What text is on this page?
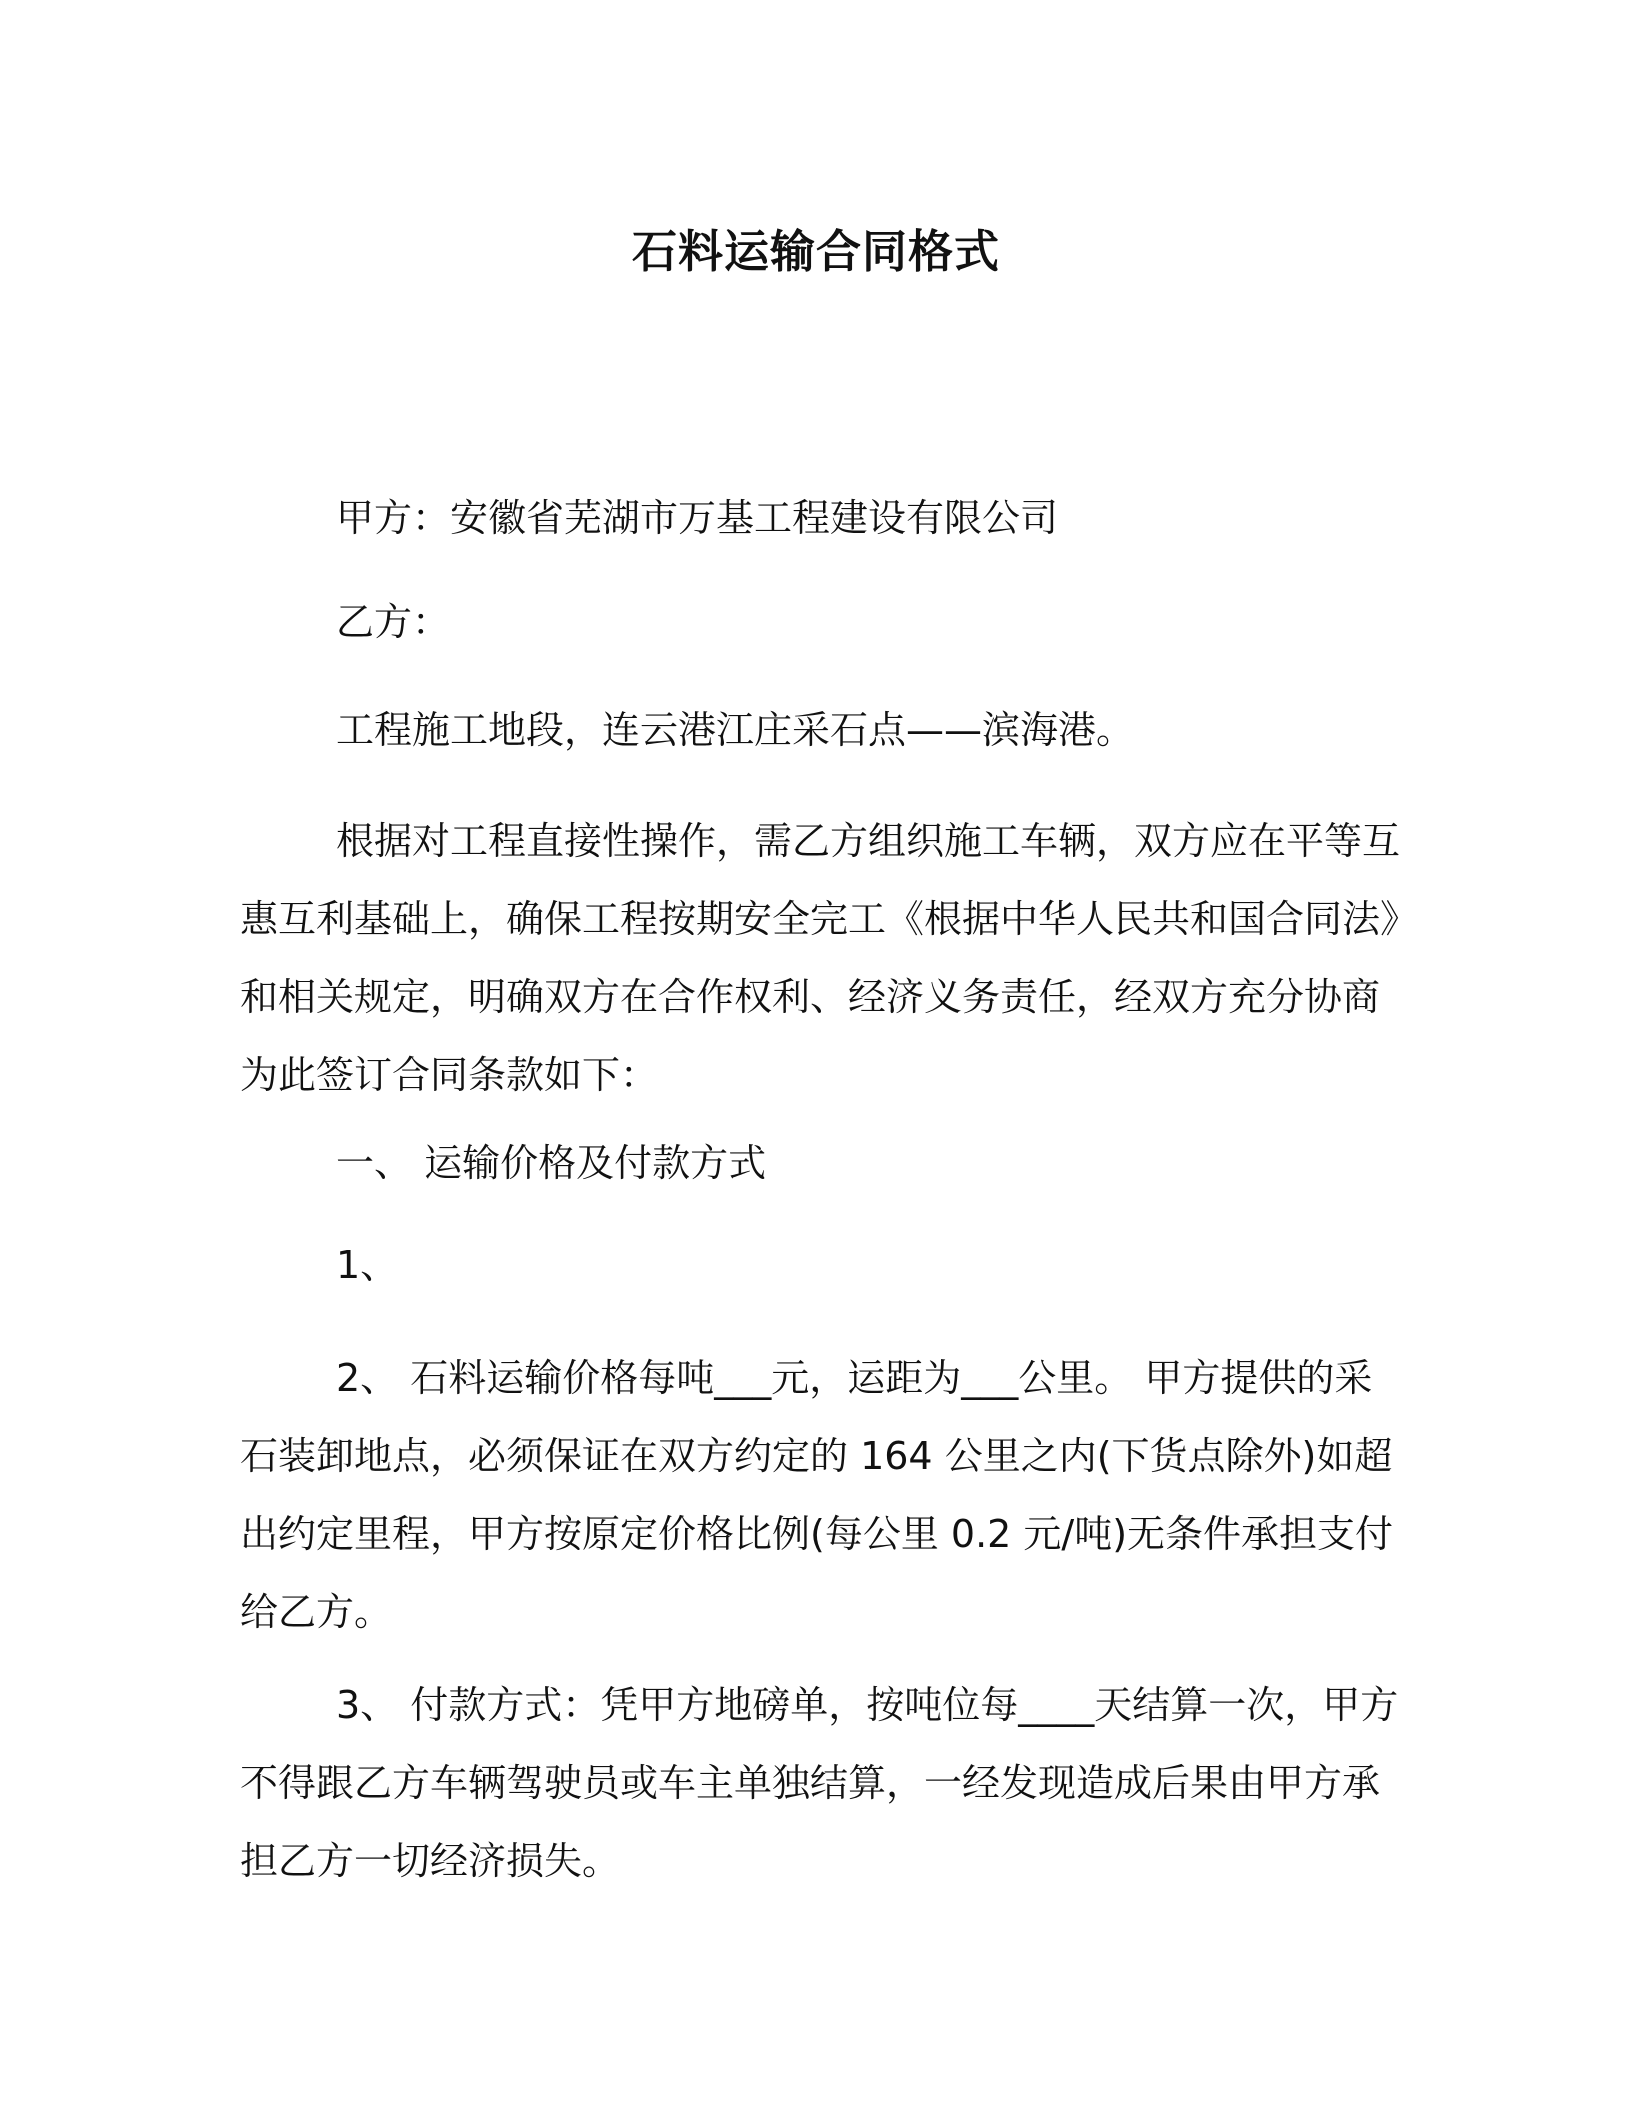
石料运输合同格式

甲方：安徽省芜湖市万基工程建设有限公司

乙方：

工程施工地段，连云港江庄采石点——滨海港。

根据对工程直接性操作，需乙方组织施工车辆，双方应在平等互
惠互利基础上，确保工程按期安全完工《根据中华人民共和国合同法》
和相关规定，明确双方在合作权利、经济义务责任，经双方充分协商
为此签订合同条款如下：

一、 运输价格及付款方式

1、

2、 石料运输价格每吨___元，运距为___公里。 甲方提供的采
石装卸地点，必须保证在双方约定的 164 公里之内(下货点除外)如超
出约定里程，甲方按原定价格比例(每公里 0.2 元/吨)无条件承担支付
给乙方。
3、 付款方式：凭甲方地磅单，按吨位每____天结算一次，甲方
不得跟乙方车辆驾驶员或车主单独结算，一经发现造成后果由甲方承
担乙方一切经济损失。
